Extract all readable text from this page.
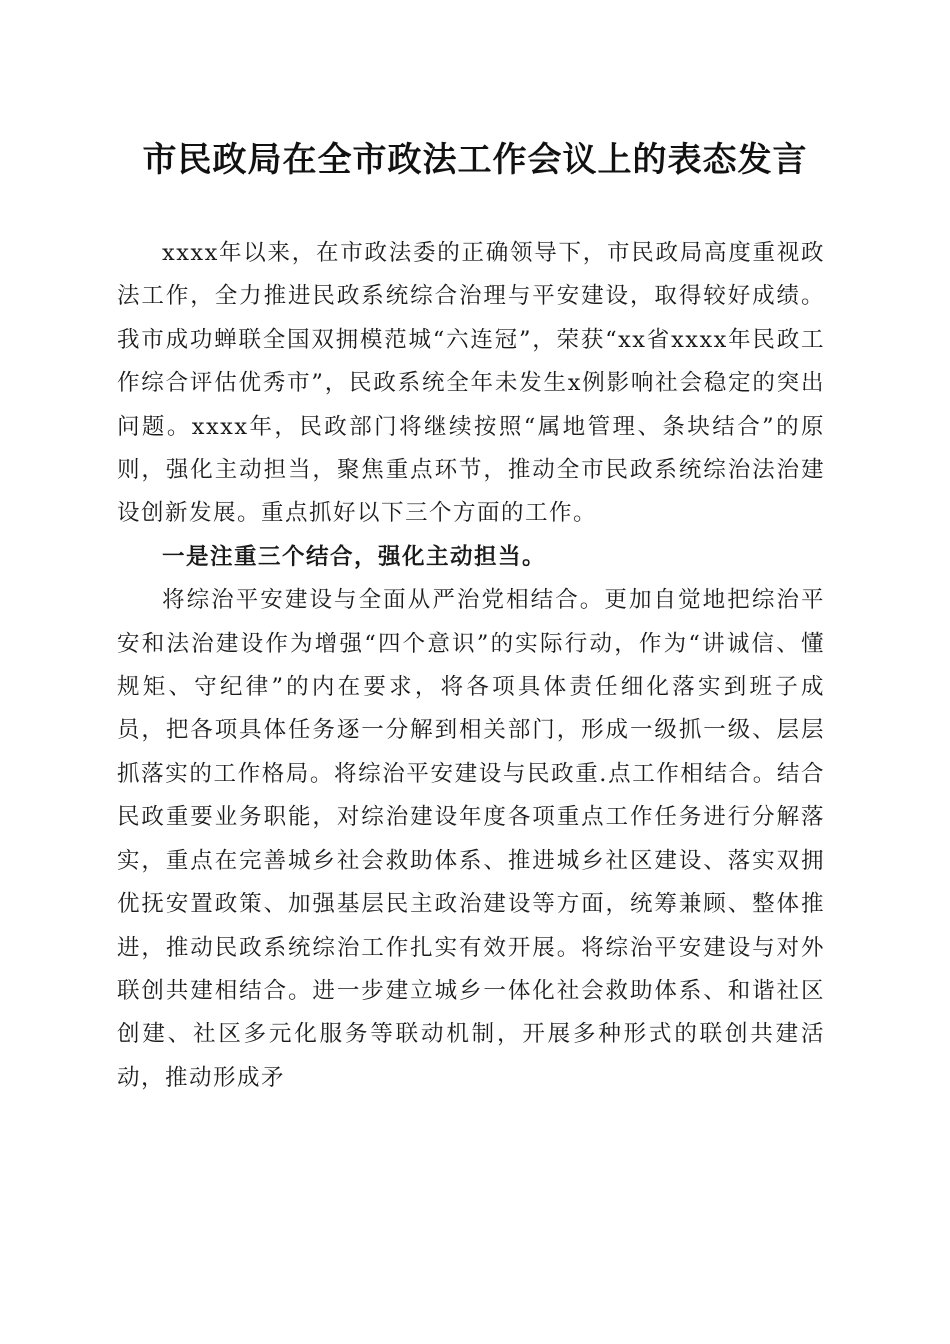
市民政局在全市政法工作会议上的表态发言

xxxx年以来，在市政法委的正确领导下，市民政局高度重视政法工作，全力推进民政系统综合治理与平安建设，取得较好成绩。我市成功蝉联全国双拥模范城“六连冠”，荣获“xx省xxxx年民政工作综合评估优秀市”，民政系统全年未发生x例影响社会稳定的突出问题。xxxx年，民政部门将继续按照“属地管理、条块结合”的原则，强化主动担当，聚焦重点环节，推动全市民政系统综治法治建设创新发展。重点抓好以下三个方面的工作。

一是注重三个结合，强化主动担当。

将综治平安建设与全面从严治党相结合。更加自觉地把综治平安和法治建设作为增强“四个意识”的实际行动，作为“讲诚信、懂规矩、守纪律”的内在要求，将各项具体责任细化落实到班子成员，把各项具体任务逐一分解到相关部门，形成一级抓一级、层层抓落实的工作格局。将综治平安建设与民政重.点工作相结合。结合民政重要业务职能，对综治建设年度各项重点工作任务进行分解落实，重点在完善城乡社会救助体系、推进城乡社区建设、落实双拥优抚安置政策、加强基层民主政治建设等方面，统筹兼顾、整体推进，推动民政系统综治工作扎实有效开展。将综治平安建设与对外联创共建相结合。进一步建立城乡一体化社会救助体系、和谐社区创建、社区多元化服务等联动机制，开展多种形式的联创共建活动，推动形成矛
